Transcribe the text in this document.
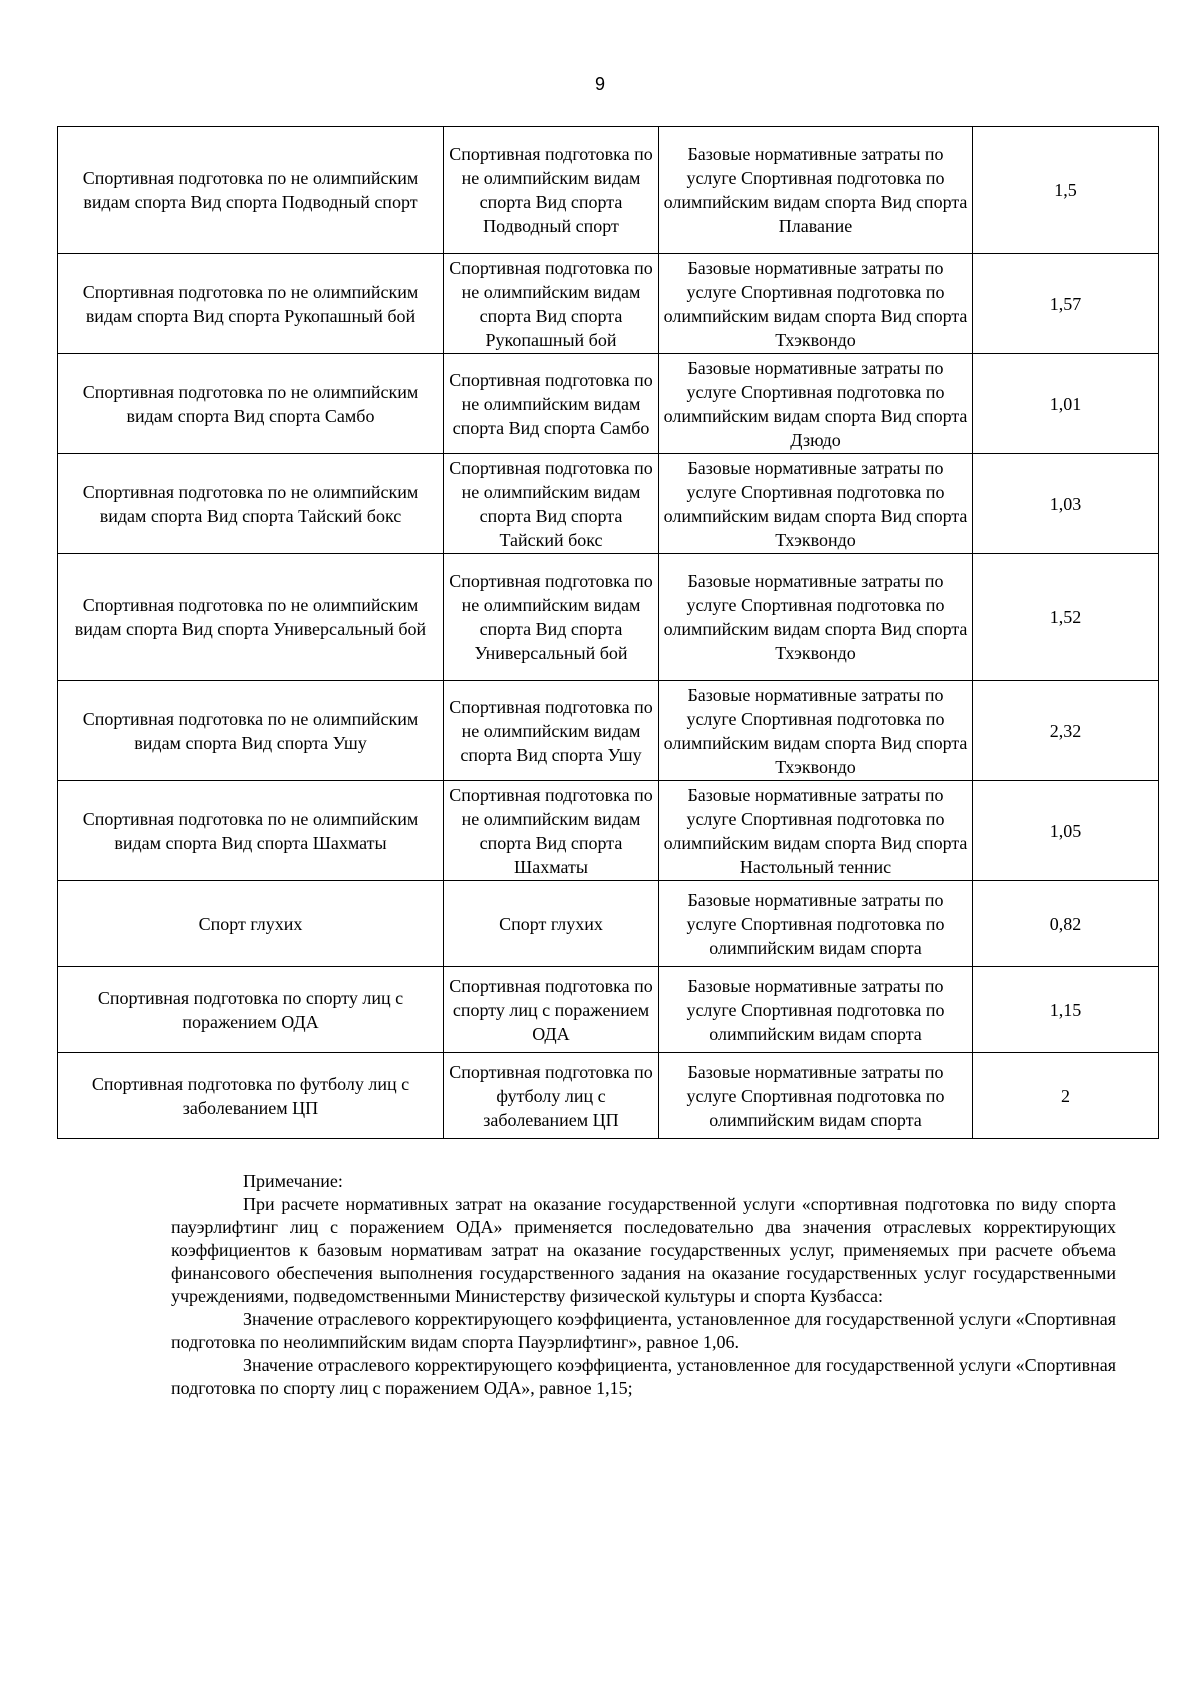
9
Спортивная подготовка по не олимпийским видам спорта Вид спорта Подводный спорт	Спортивная подготовка по не олимпийским видам спорта Вид спорта Подводный спорт	Базовые нормативные затраты по услуге Спортивная подготовка по олимпийским видам спорта Вид спорта Плавание	1,5
Спортивная подготовка по не олимпийским видам спорта Вид спорта Рукопашный бой	Спортивная подготовка по не олимпийским видам спорта Вид спорта Рукопашный бой	Базовые нормативные затраты по услуге Спортивная подготовка по олимпийским видам спорта Вид спорта Тхэквондо	1,57
Спортивная подготовка по не олимпийским видам спорта Вид спорта Самбо	Спортивная подготовка по не олимпийским видам спорта Вид спорта Самбо	Базовые нормативные затраты по услуге Спортивная подготовка по олимпийским видам спорта Вид спорта Дзюдо	1,01
Спортивная подготовка по не олимпийским видам спорта Вид спорта Тайский бокс	Спортивная подготовка по не олимпийским видам спорта Вид спорта Тайский бокс	Базовые нормативные затраты по услуге Спортивная подготовка по олимпийским видам спорта Вид спорта Тхэквондо	1,03
Спортивная подготовка по не олимпийским видам спорта Вид спорта Универсальный бой	Спортивная подготовка по не олимпийским видам спорта Вид спорта Универсальный бой	Базовые нормативные затраты по услуге Спортивная подготовка по олимпийским видам спорта Вид спорта Тхэквондо	1,52
Спортивная подготовка по не олимпийским видам спорта Вид спорта Ушу	Спортивная подготовка по не олимпийским видам спорта Вид спорта Ушу	Базовые нормативные затраты по услуге Спортивная подготовка по олимпийским видам спорта Вид спорта Тхэквондо	2,32
Спортивная подготовка по не олимпийским видам спорта Вид спорта Шахматы	Спортивная подготовка по не олимпийским видам спорта Вид спорта Шахматы	Базовые нормативные затраты по услуге Спортивная подготовка по олимпийским видам спорта Вид спорта Настольный теннис	1,05
Спорт глухих	Спорт глухих	Базовые нормативные затраты по услуге Спортивная подготовка по олимпийским видам спорта	0,82
Спортивная подготовка по спорту лиц с поражением ОДА	Спортивная подготовка по спорту лиц с поражением ОДА	Базовые нормативные затраты по услуге Спортивная подготовка по олимпийским видам спорта	1,15
Спортивная подготовка по футболу лиц с заболеванием ЦП	Спортивная подготовка по футболу лиц с заболеванием ЦП	Базовые нормативные затраты по услуге Спортивная подготовка по олимпийским видам спорта	2

Примечание:

При расчете нормативных затрат на оказание государственной услуги «спортивная подготовка по виду спорта пауэрлифтинг лиц с поражением ОДА» применяется последовательно два значения отраслевых корректирующих коэффициентов к базовым нормативам затрат на оказание государственных услуг, применяемых при расчете объема финансового обеспечения выполнения государственного задания на оказание государственных услуг государственными учреждениями, подведомственными Министерству физической культуры и спорта Кузбасса:

Значение отраслевого корректирующего коэффициента, установленное для государственной услуги «Спортивная подготовка по неолимпийским видам спорта Пауэрлифтинг», равное 1,06.

Значение отраслевого корректирующего коэффициента, установленное для государственной услуги «Спортивная подготовка по спорту лиц с поражением ОДА», равное 1,15;
